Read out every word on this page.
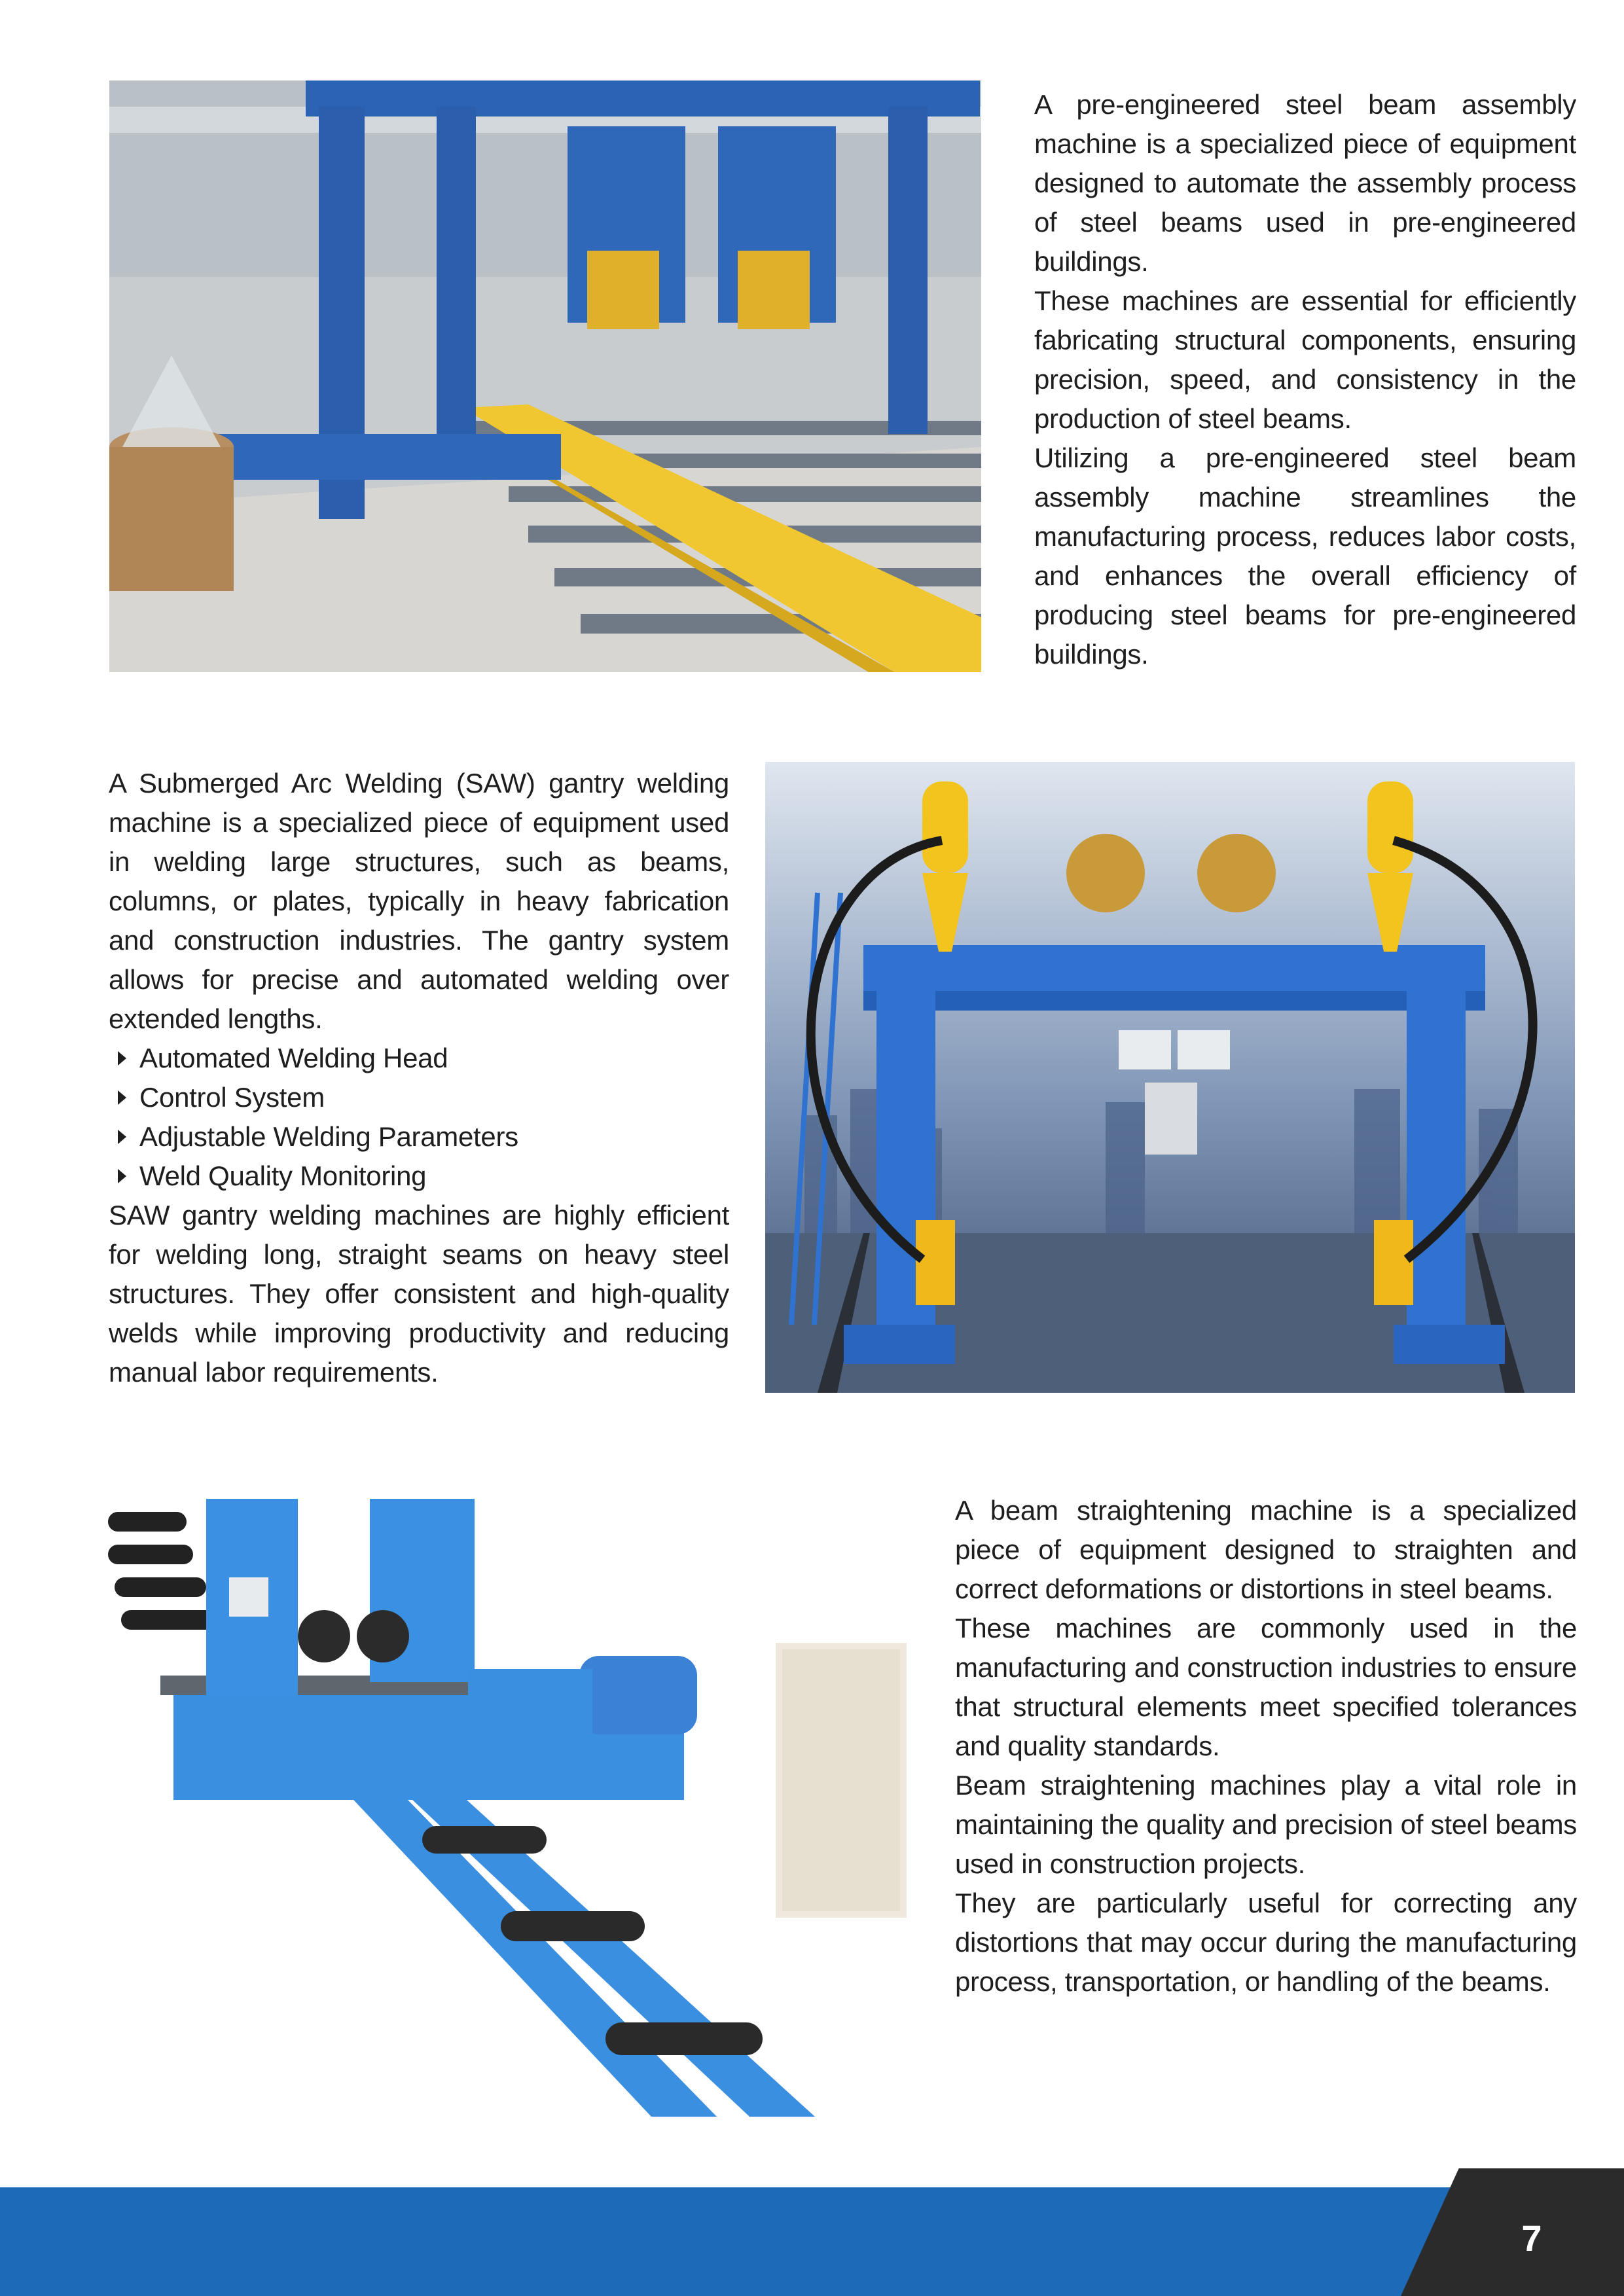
A pre-engineered steel beam assembly machine is a specialized piece of equipment designed to automate the assembly process of steel beams used in pre-engineered buildings.

These machines are essential for efficiently fabricating structural components, ensuring precision, speed, and consistency in the production of steel beams.

Utilizing a pre-engineered steel beam assembly machine streamlines the manufacturing process, reduces labor costs, and enhances the overall efficiency of producing steel beams for pre-engineered buildings.

A Submerged Arc Welding (SAW) gantry welding machine is a specialized piece of equipment used in welding large structures, such as beams, columns, or plates, typically in heavy fabrication and construction industries. The gantry system allows for precise and automated welding over extended lengths.

Automated Welding Head
Control System
Adjustable Welding Parameters
Weld Quality Monitoring

SAW gantry welding machines are highly efficient for welding long, straight seams on heavy steel structures. They offer consistent and high-quality welds while improving productivity and reducing manual labor requirements.

A beam straightening machine is a specialized piece of equipment designed to straighten and correct deformations or distortions in steel beams.

These machines are commonly used in the manufacturing and construction industries to ensure that structural elements meet specified tolerances and quality standards.

Beam straightening machines play a vital role in maintaining the quality and precision of steel beams used in construction projects.

They are particularly useful for correcting any distortions that may occur during the manufacturing process, transportation, or handling of the beams.

7
